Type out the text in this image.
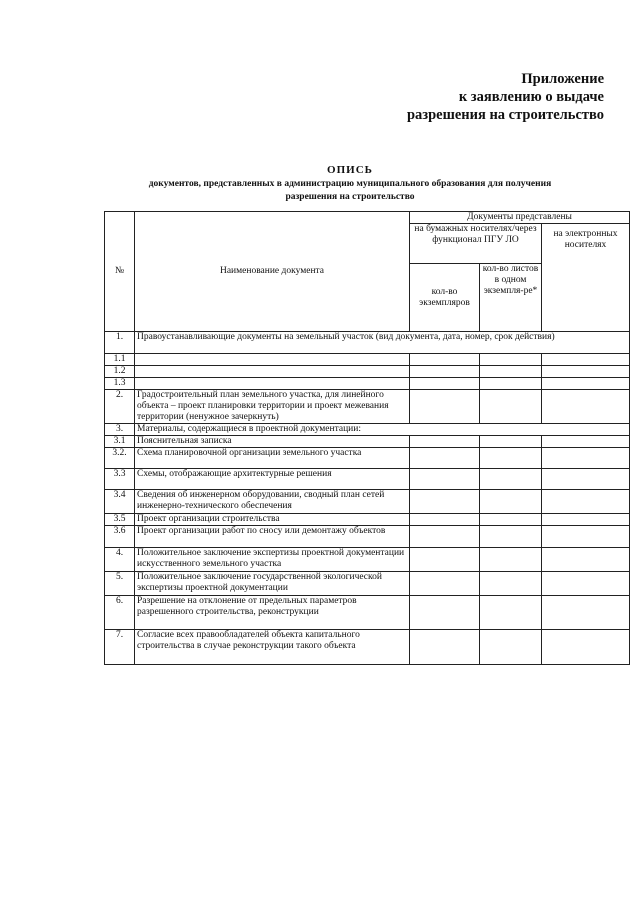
Приложение
к заявлению о выдаче
разрешения на строительство
ОПИСЬ
документов, представленных в администрацию муниципального образования для получения
разрешения на строительство
№	Наименование документа	Документы представлены		
		на бумажных носителях/через функционал ПГУ ЛО		на электронных носителях
		кол-во экземпляров	кол-во листов в одном экземпля-ре*	
1.	Правоустанавливающие документы на земельный участок (вид документа, дата, номер, срок действия)			
1.1				
1.2				
1.3				
2.	Градостроительный план земельного участка, для линейного объекта – проект планировки территории и проект межевания территории (ненужное зачеркнуть)			
3.	Материалы, содержащиеся в проектной документации:			
3.1	Пояснительная записка			
3.2.	Схема планировочной организации земельного участка			
3.3	Схемы, отображающие архитектурные решения			
3.4	Сведения об инженерном оборудовании, сводный план сетей инженерно-технического обеспечения			
3.5	Проект организации строительства			
3.6	Проект организации работ по сносу или демонтажу объектов			
4.	Положительное заключение экспертизы проектной документации искусственного земельного участка			
5.	Положительное заключение государственной экологической экспертизы проектной документации			
6.	Разрешение на отклонение от предельных параметров разрешенного строительства, реконструкции			
7.	Согласие всех правообладателей объекта капитального строительства в случае реконструкции такого объекта			
